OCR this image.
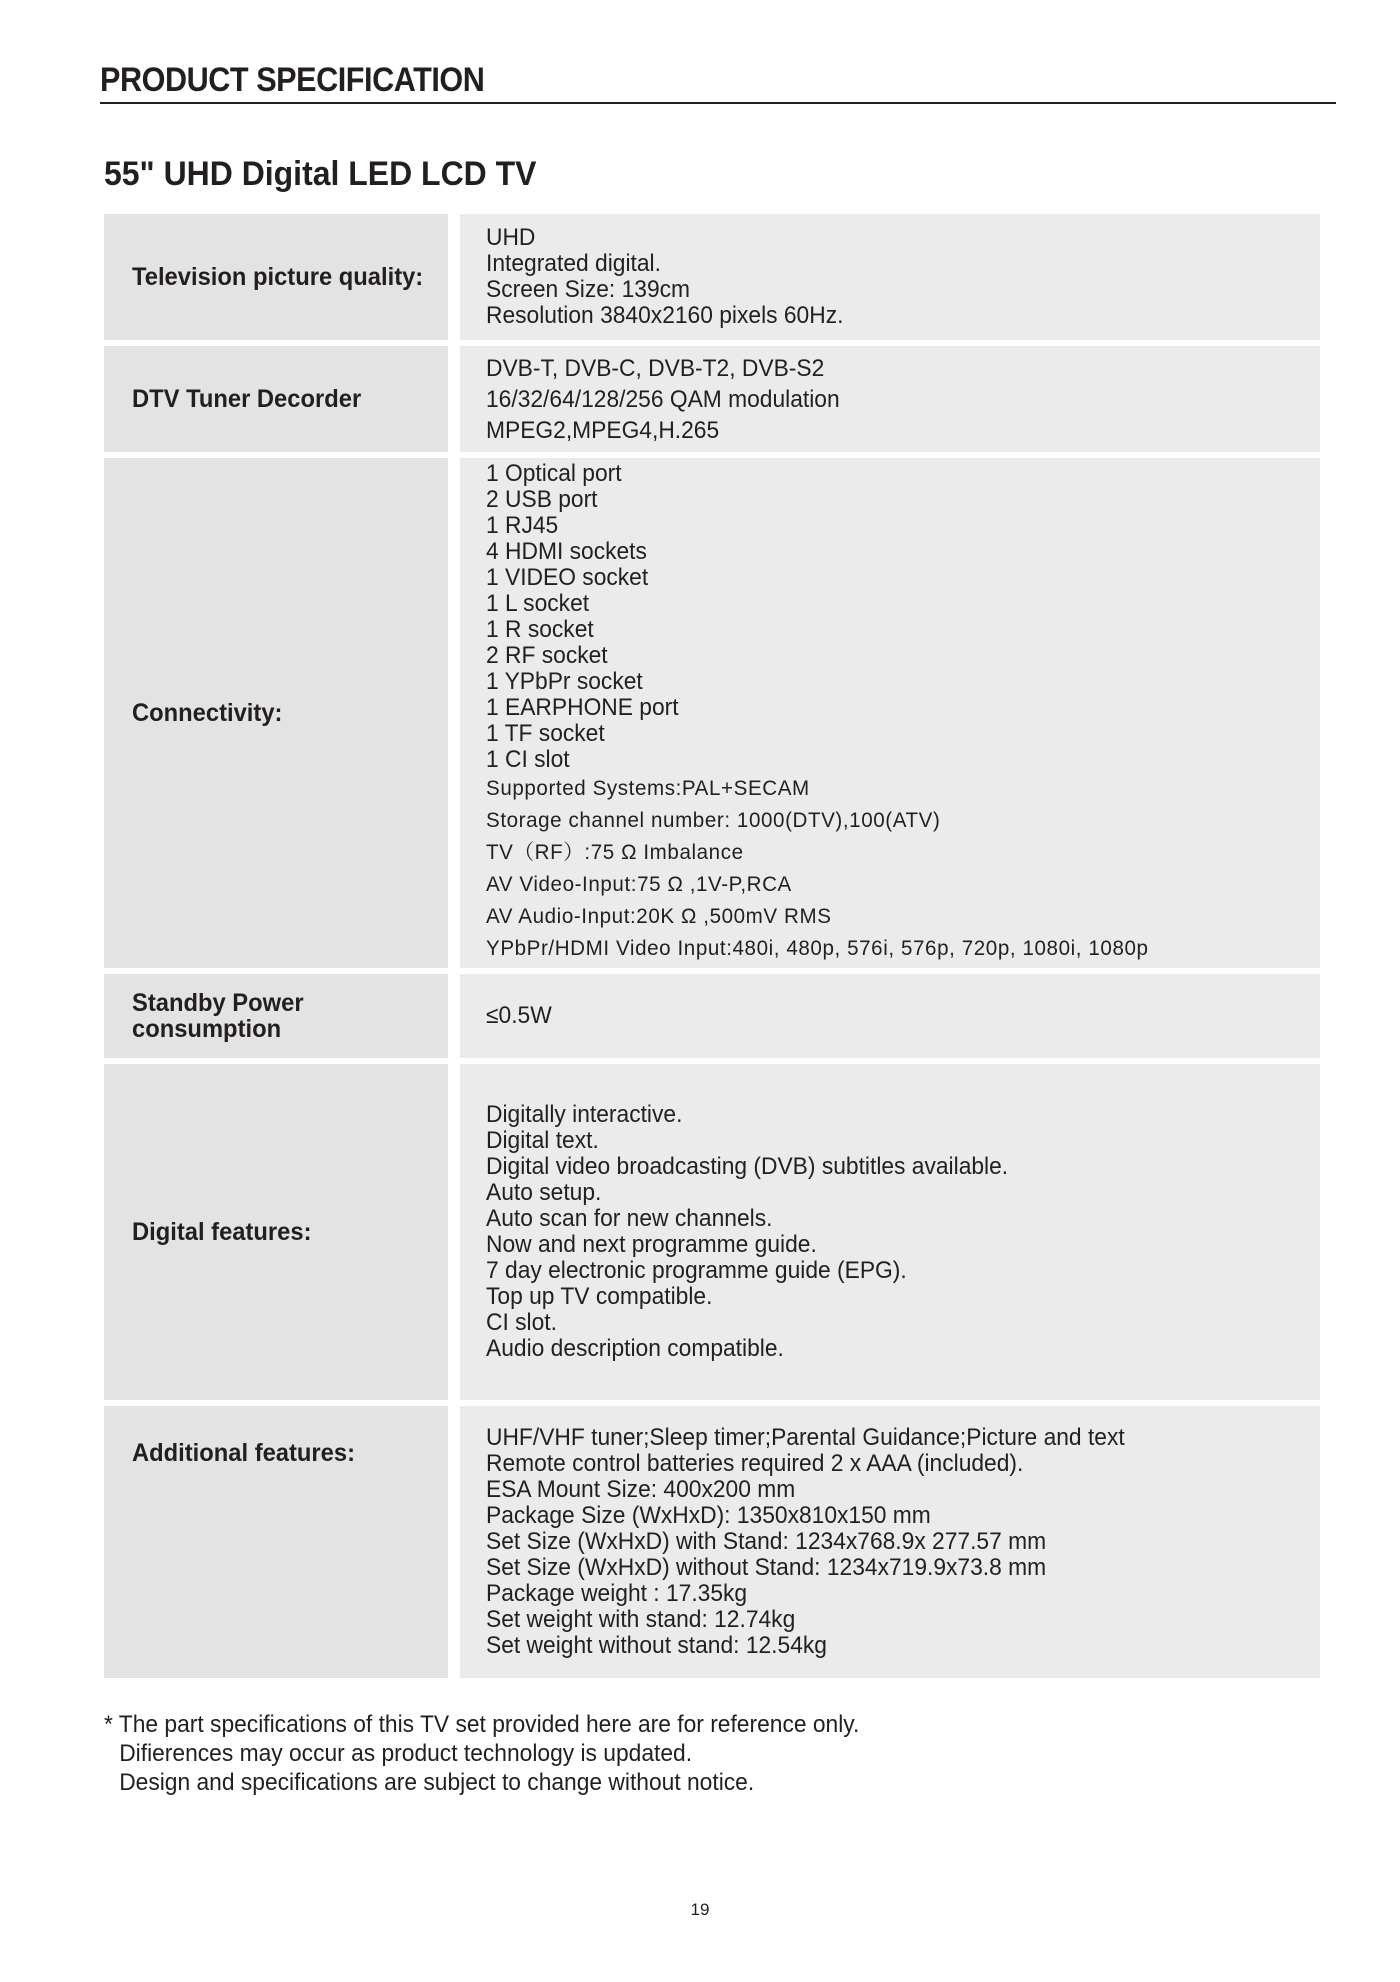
PRODUCT SPECIFICATION
55" UHD Digital LED LCD TV
Television picture quality:
UHD
Integrated digital.
Screen Size: 139cm
Resolution 3840x2160 pixels 60Hz.
DTV Tuner Decorder
DVB-T, DVB-C, DVB-T2, DVB-S2
16/32/64/128/256 QAM modulation
MPEG2,MPEG4,H.265
Connectivity:
1 Optical port
2 USB port
1 RJ45
4 HDMI sockets
1 VIDEO socket
1 L socket
1 R socket
2 RF socket
1 YPbPr socket
1 EARPHONE port
1 TF socket
1 CI slot
Supported Systems:PAL+SECAM
Storage channel number: 1000(DTV),100(ATV)
TV（RF）:75 Ω Imbalance
AV Video-Input:75 Ω ,1V-P,RCA
AV Audio-Input:20K Ω ,500mV RMS
YPbPr/HDMI Video Input:480i, 480p, 576i, 576p, 720p, 1080i, 1080p
Standby Power
consumption	≤0.5W
Digital features:
Digitally interactive.
Digital text.
Digital video broadcasting (DVB) subtitles available.
Auto setup.
Auto scan for new channels.
Now and next programme guide.
7 day electronic programme guide (EPG).
Top up TV compatible.
CI slot.
Audio description compatible.
Additional features:
UHF/VHF tuner;Sleep timer;Parental Guidance;Picture and text
Remote control batteries required 2 x AAA (included).
ESA Mount Size: 400x200 mm
Package Size (WxHxD): 1350x810x150 mm
Set Size (WxHxD) with Stand: 1234x768.9x 277.57 mm
Set Size (WxHxD) without Stand: 1234x719.9x73.8 mm
Package weight : 17.35kg
Set weight with stand: 12.74kg
Set weight without stand: 12.54kg
* The part specifications of this TV set provided here are for reference only.
Difierences may occur as product technology is updated.
Design and specifications are subject to change without notice.
19
